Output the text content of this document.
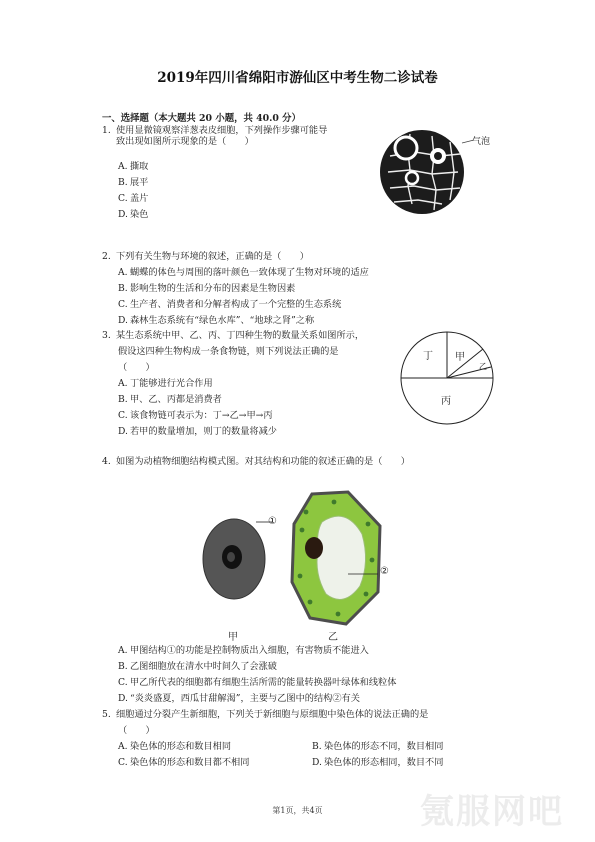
2019年四川省绵阳市游仙区中考生物二诊试卷
一、选择题（本大题共 20 小题，共 40.0 分）
1. 使用显微镜观察洋葱表皮细胞，下列操作步骤可能导
致出现如图所示现象的是（　　）
A. 撕取
B. 展平
C. 盖片
D. 染色
气泡
2. 下列有关生物与环境的叙述，正确的是（　　）
A. 蝴蝶的体色与周围的落叶颜色一致体现了生物对环境的适应
B. 影响生物的生活和分布的因素是生物因素
C. 生产者、消费者和分解者构成了一个完整的生态系统
D. 森林生态系统有“绿色水库”、“地球之肾”之称
3. 某生态系统中甲、乙、丙、丁四种生物的数量关系如图所示，
假设这四种生物构成一条食物链，则下列说法正确的是
（　　）
A. 丁能够进行光合作用
B. 甲、乙、丙都是消费者
C. 该食物链可表示为：丁→乙→甲→丙
D. 若甲的数量增加，则丁的数量将减少
丁 甲
乙
丙
4. 如图为动植物细胞结构模式图。对其结构和功能的叙述正确的是（　　）
①
甲
②
乙
A. 甲图结构①的功能是控制物质出入细胞，有害物质不能进入
B. 乙图细胞放在清水中时间久了会涨破
C. 甲乙所代表的细胞都有细胞生活所需的能量转换器叶绿体和线粒体
D. “炎炎盛夏，西瓜甘甜解渴”，主要与乙图中的结构②有关
5. 细胞通过分裂产生新细胞，下列关于新细胞与原细胞中染色体的说法正确的是
（　　）
A. 染色体的形态和数目相同	B. 染色体的形态不同，数目相同
C. 染色体的形态和数目都不相同	D. 染色体的形态相同，数目不同
氪服网吧
第1页，共4页
